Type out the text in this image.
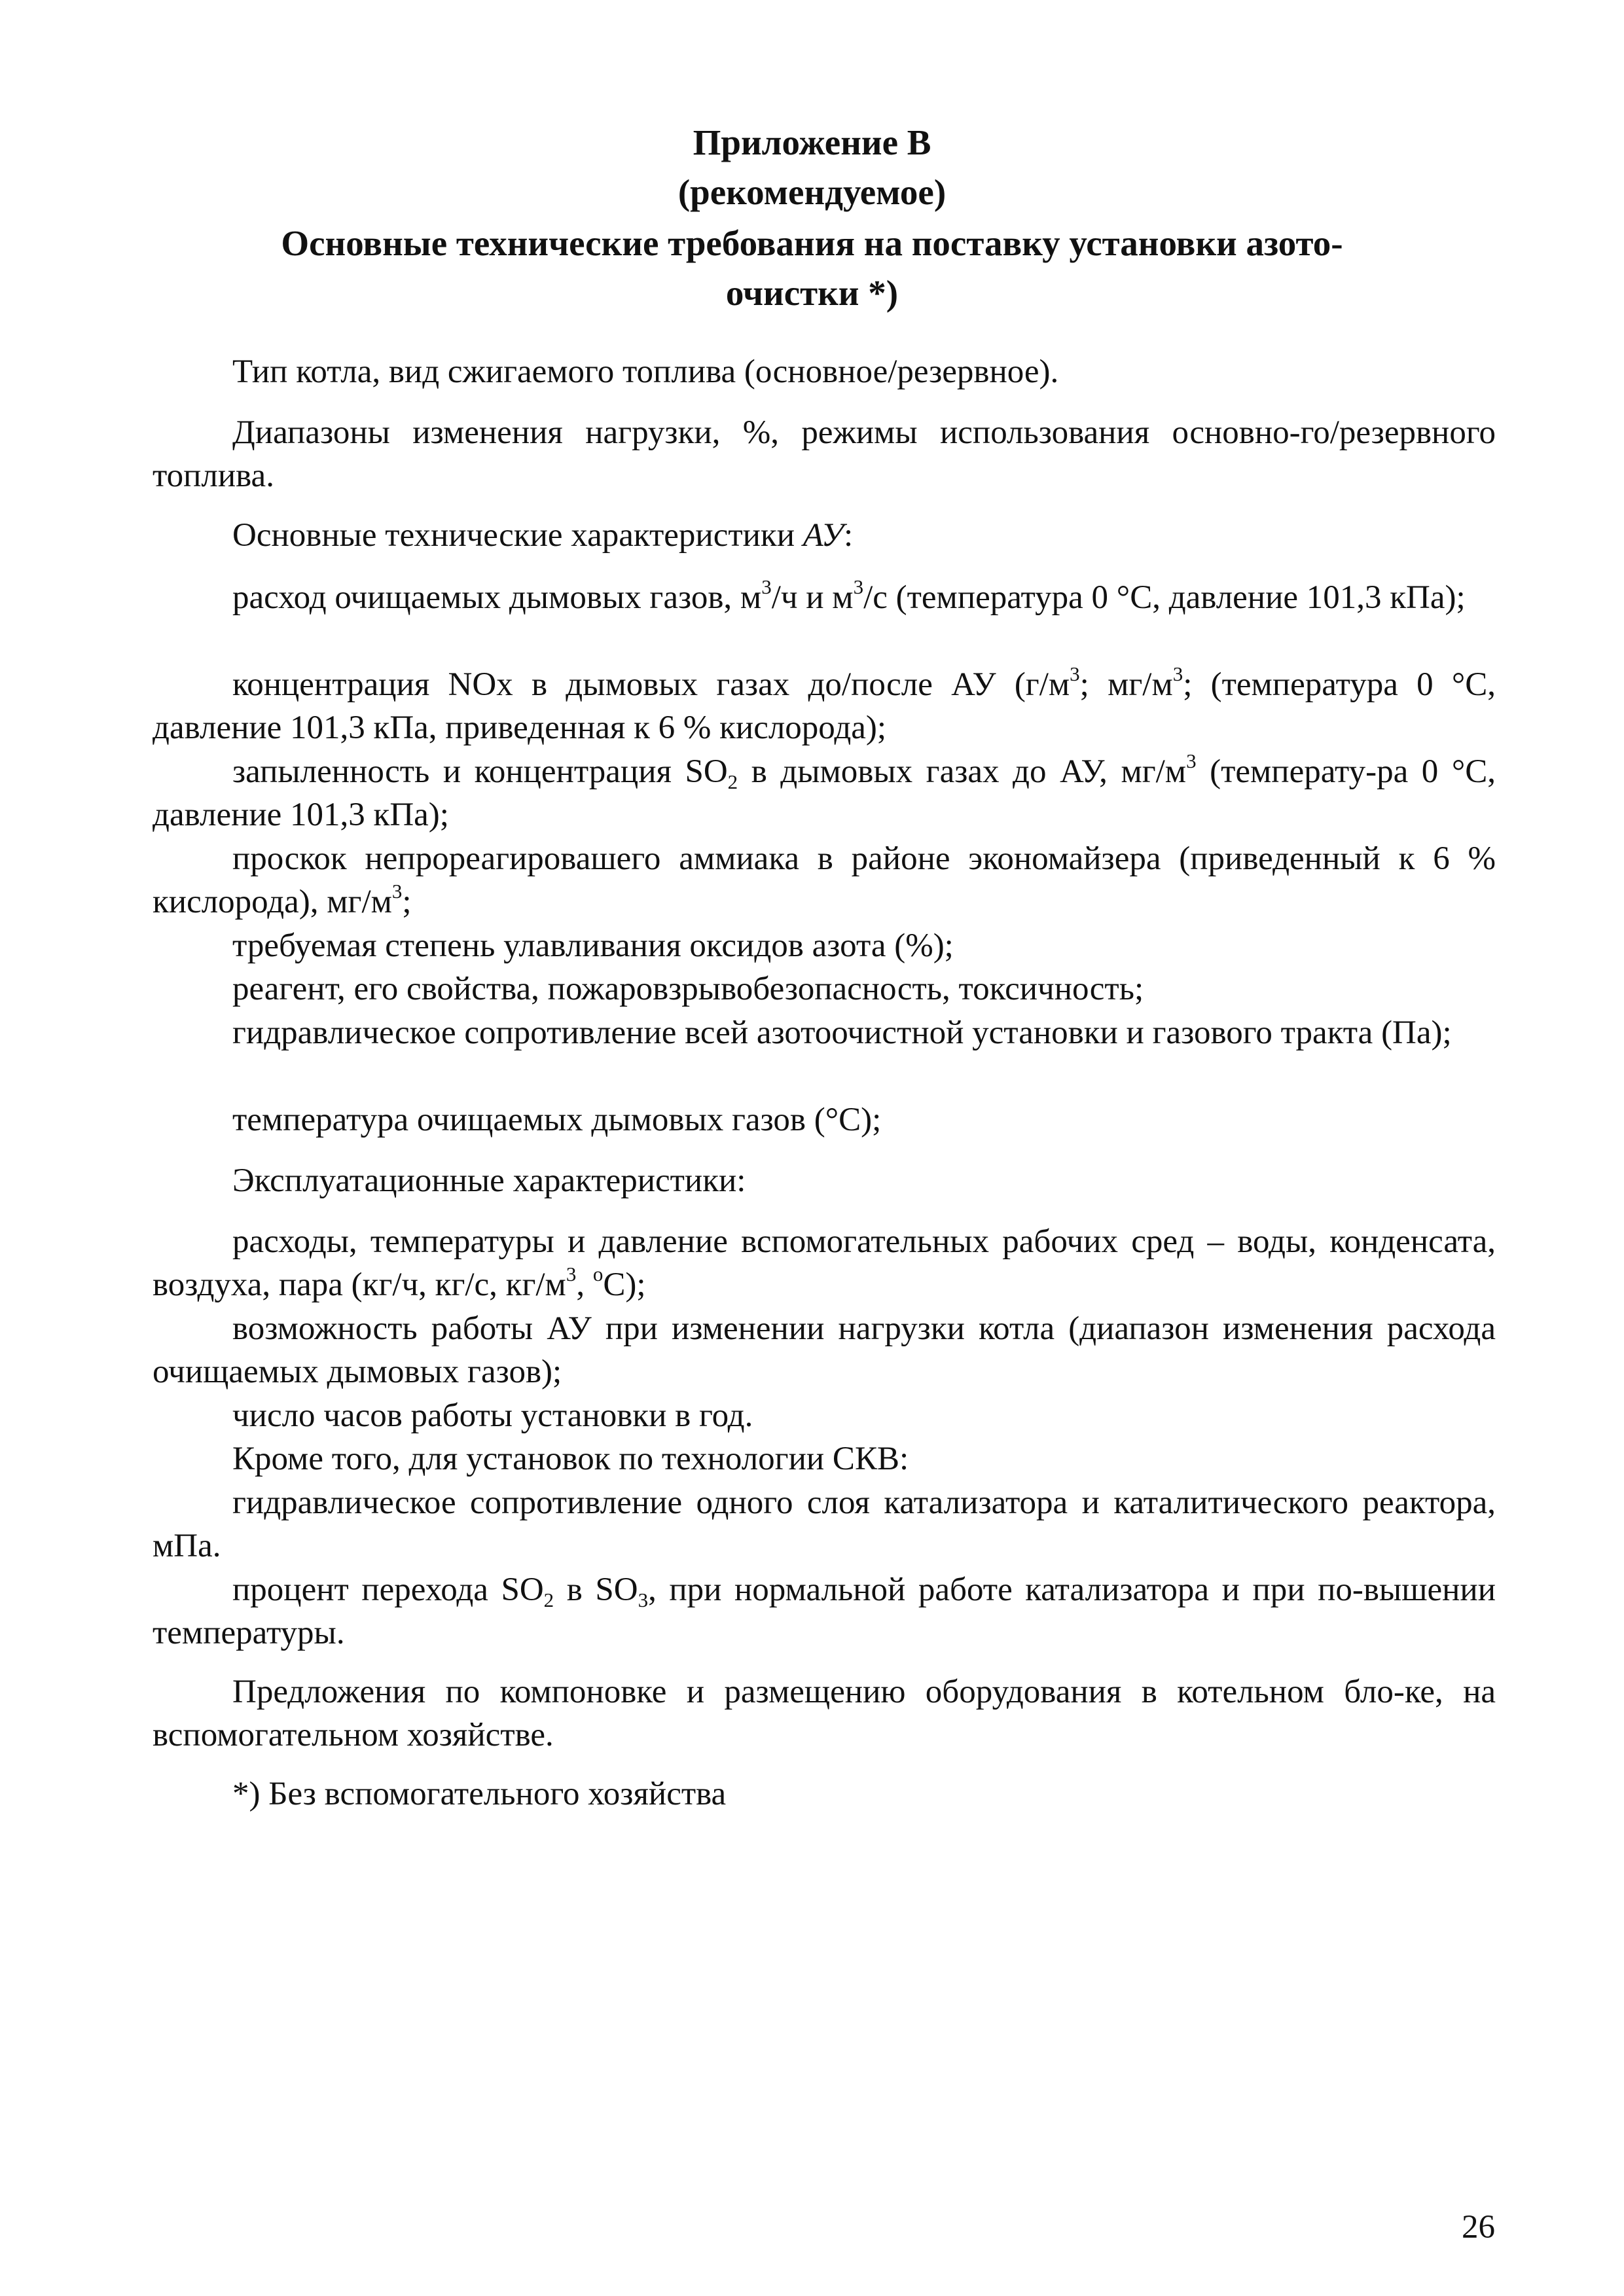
Приложение В
(рекомендуемое)
Основные технические требования на поставку установки азото-
очистки *)
Тип котла, вид сжигаемого топлива (основное/резервное).
Диапазоны изменения нагрузки, %, режимы использования основно-го/резервного топлива.
Основные технические характеристики АУ:
расход очищаемых дымовых газов, $м^3/ч$ и $м^3/с$ (температура 0 °С, давление 101,3 кПа);
концентрация NOх в дымовых газах до/после АУ ($г/м^3$; $мг/м^3$; (температура 0 °С, давление 101,3 кПа, приведенная к 6 % кислорода);
запыленность и концентрация $SO_2$ в дымовых газах до АУ, $мг/м^3$ (температу-ра 0 °С, давление 101,3 кПа);
проскок непрореагировашего аммиака в районе экономайзера (приведенный к 6 % кислорода), $мг/м^3$;
требуемая степень улавливания оксидов азота (%);
реагент, его свойства, пожаровзрывобезопасность, токсичность;
гидравлическое сопротивление всей азотоочистной установки и газового тракта (Па);
температура очищаемых дымовых газов (°С);
Эксплуатационные характеристики:
расходы, температуры и давление вспомогательных рабочих сред – воды, конденсата, воздуха, пара (кг/ч, кг/с, $кг/м^3$, $^о$С);
возможность работы АУ при изменении нагрузки котла (диапазон изменения расхода очищаемых дымовых газов);
число часов работы установки в год.
Кроме того, для установок по технологии СКВ:
гидравлическое сопротивление одного слоя катализатора и каталитического реактора, мПа.
процент перехода $SO_2$ в $SO_3$, при нормальной работе катализатора и при по-вышении температуры.
Предложения по компоновке и размещению оборудования в котельном бло-ке, на вспомогательном хозяйстве.
*) Без вспомогательного хозяйства
26
